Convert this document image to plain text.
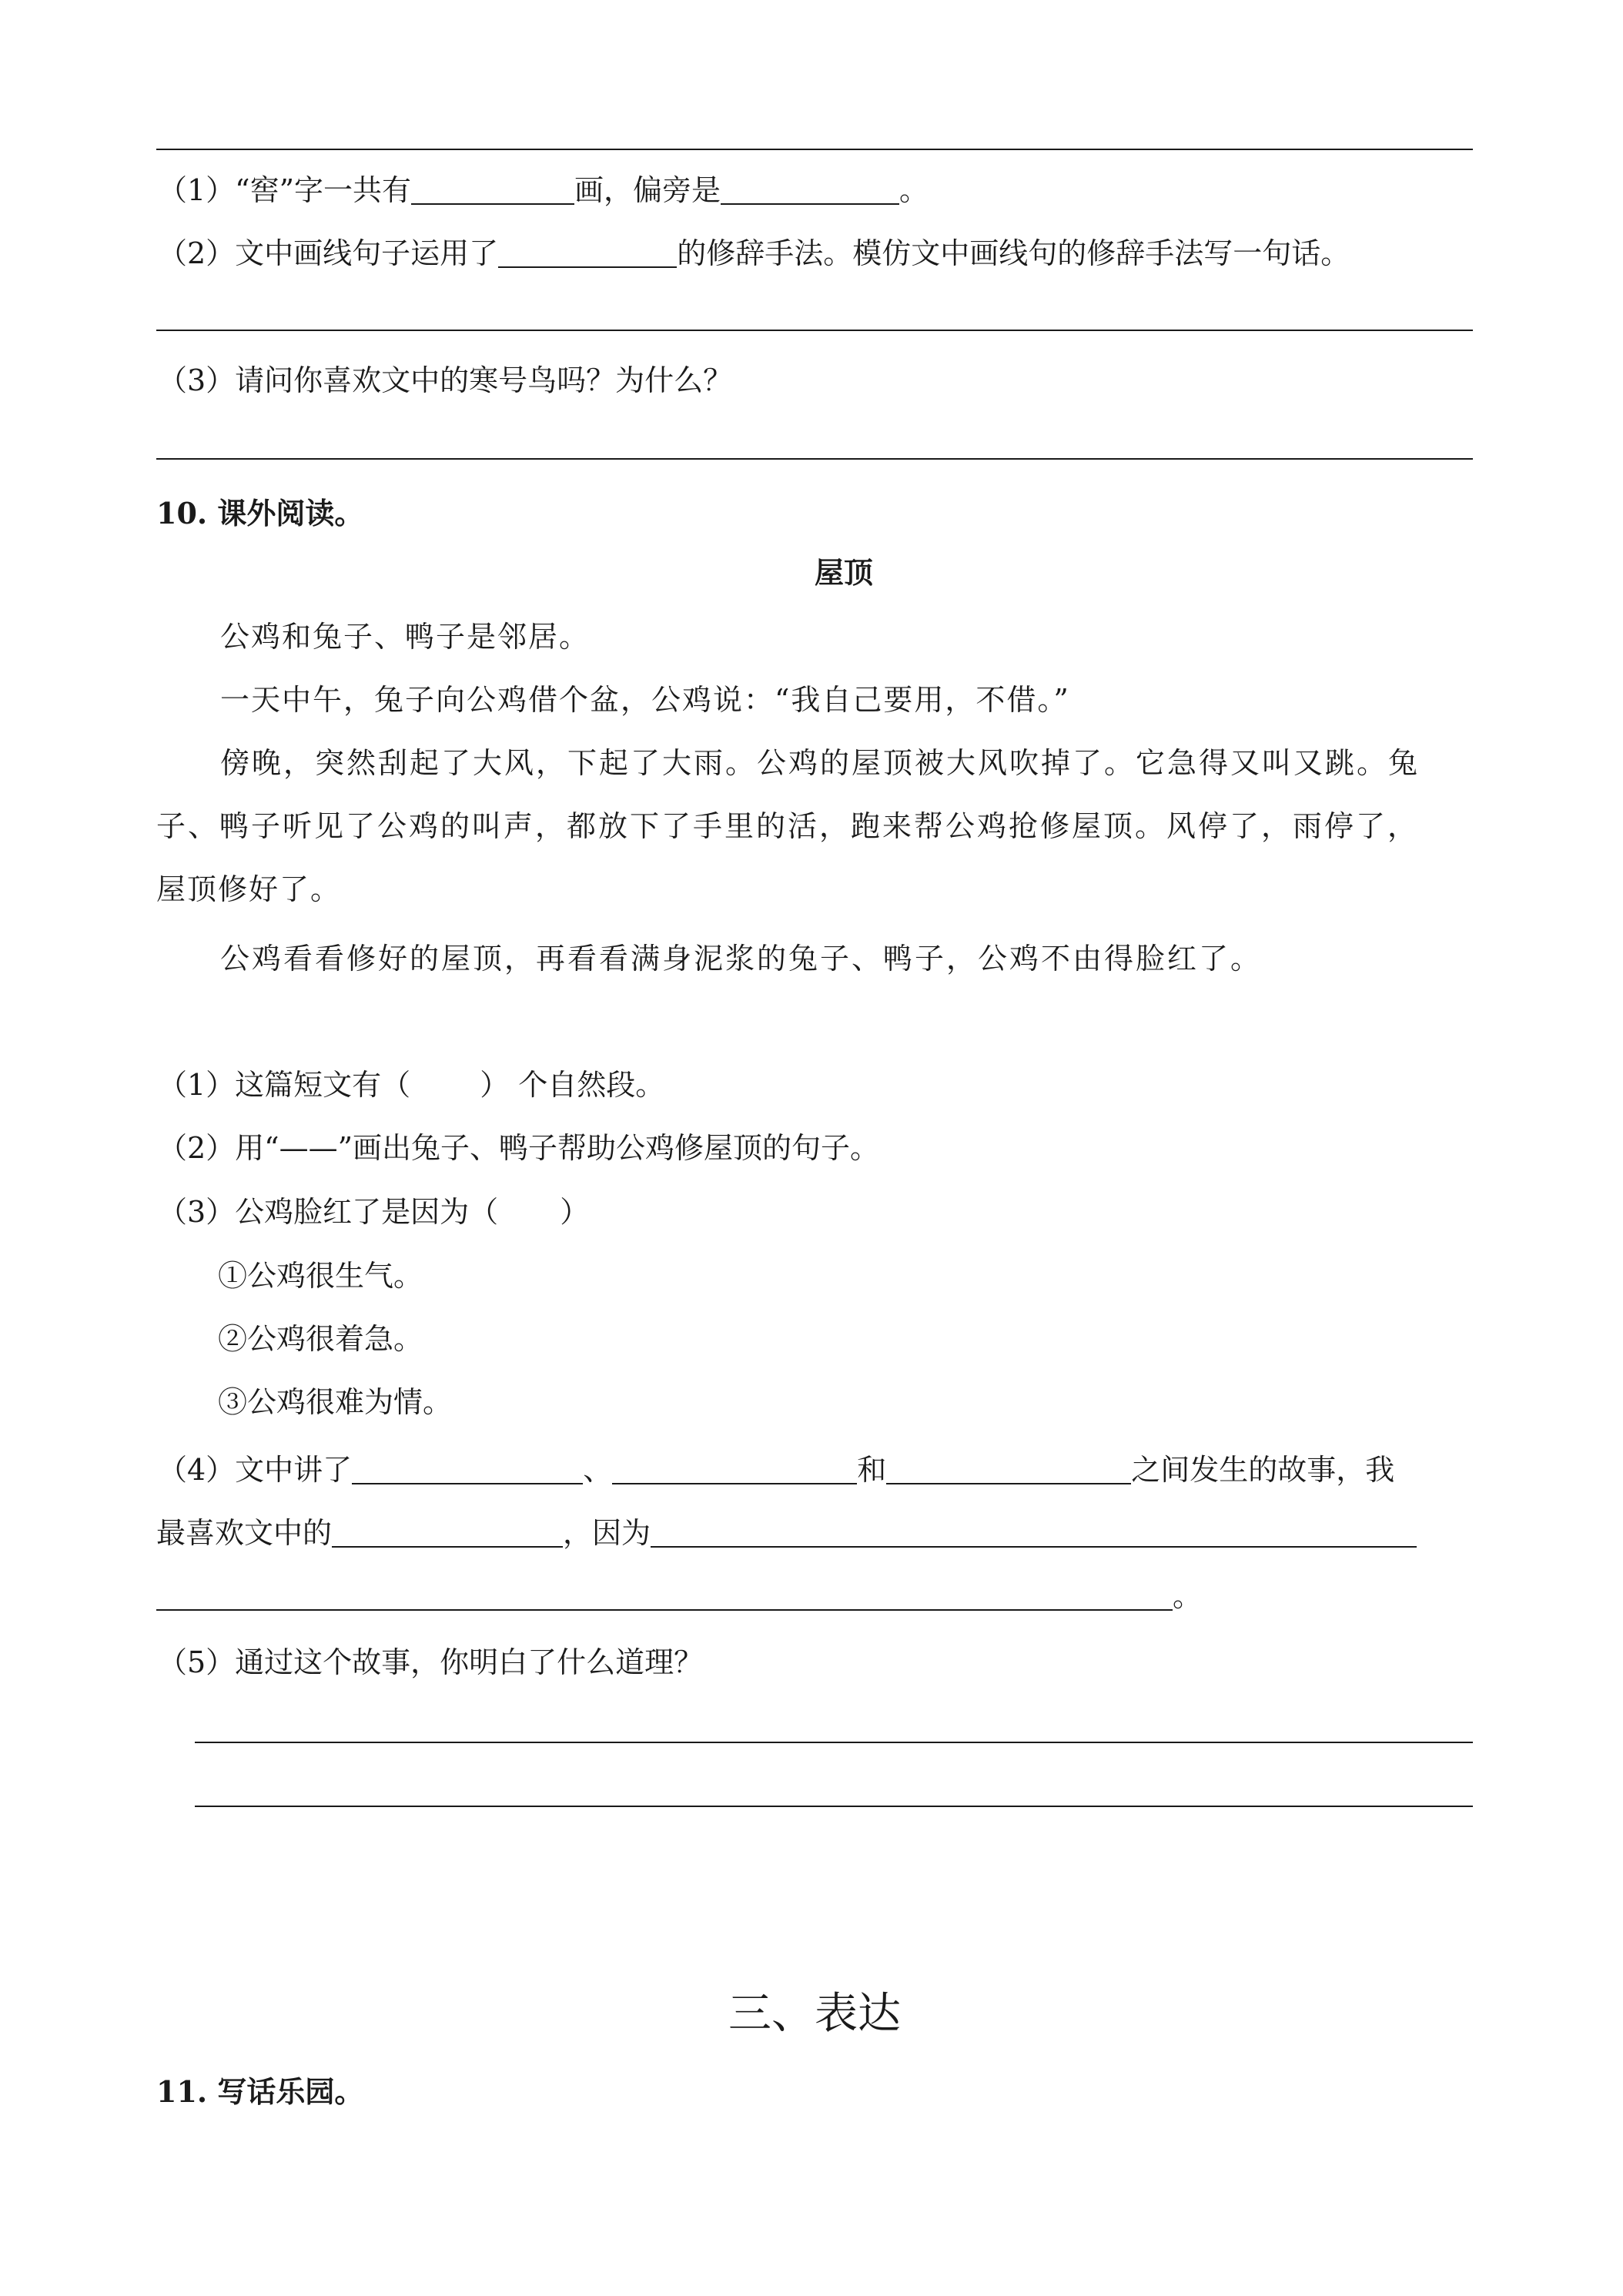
（1）“窖”字一共有	画，偏旁是	。
（2）文中画线句子运用了	的修辞手法。模仿文中画线句的修辞手法写一句话。
（3）请问你喜欢文中的寒号鸟吗？为什么？
10. 课外阅读。
屋顶
公鸡和兔子、鸭子是邻居。
一天中午，兔子向公鸡借个盆，公鸡说：“我自己要用，不借。”
傍晚，突然刮起了大风，下起了大雨。公鸡的屋顶被大风吹掉了。它急得又叫又跳。兔
子、鸭子听见了公鸡的叫声，都放下了手里的活，跑来帮公鸡抢修屋顶。风停了，雨停了，
屋顶修好了。
公鸡看看修好的屋顶，再看看满身泥浆的兔子、鸭子，公鸡不由得脸红了。
（1）这篇短文有（ ） 个自然段。
（2）用“——”画出兔子、鸭子帮助公鸡修屋顶的句子。
（3）公鸡脸红了是因为（ ）
①公鸡很生气。
②公鸡很着急。
③公鸡很难为情。
（4）文中讲了	、	和	之间发生的故事，我
最喜欢文中的	，因为
。
（5）通过这个故事，你明白了什么道理？
三、表达
11. 写话乐园。
